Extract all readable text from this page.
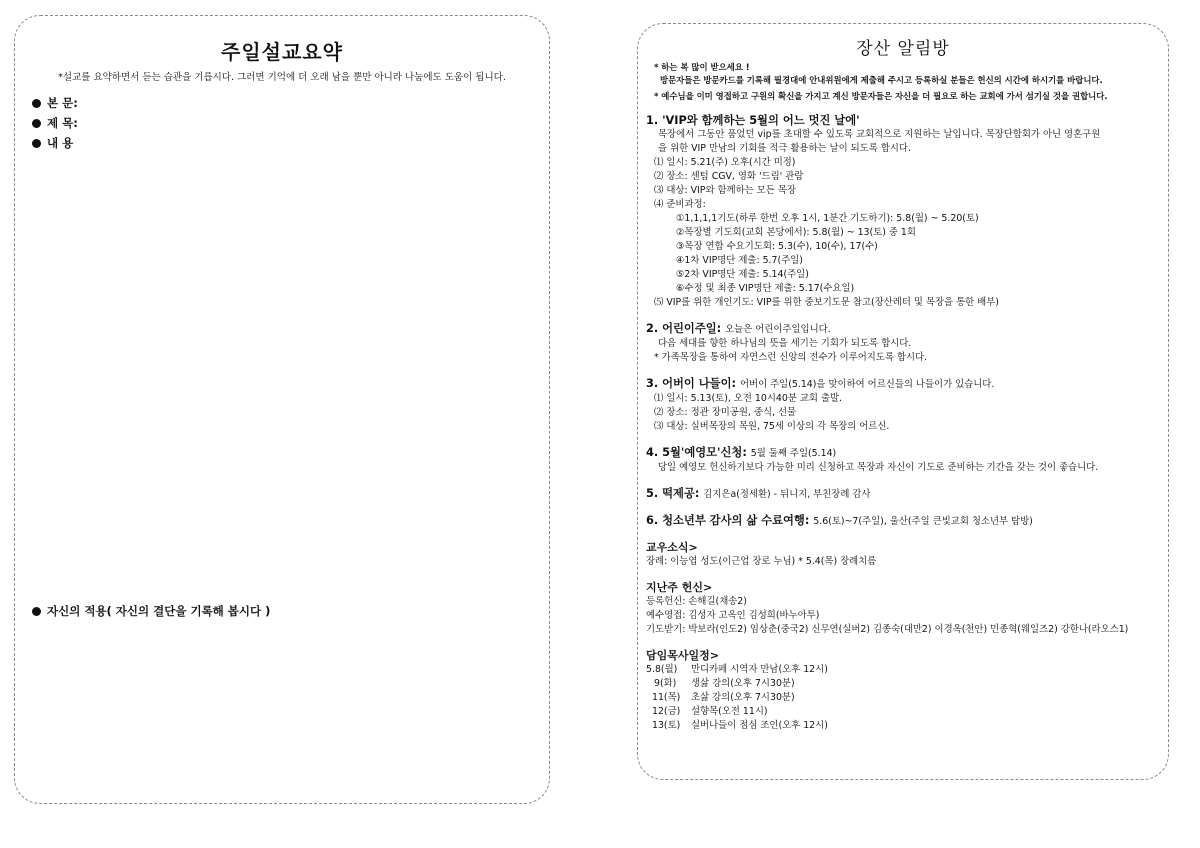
주일설교요약
*설교를 요약하면서 듣는 습관을 기릅시다. 그러면 기억에 더 오래 남을 뿐만 아니라 나눔에도 도움이 됩니다.
본 문:
제 목:
내 용
자신의 적용( 자신의 결단을 기록해 봅시다 )
장산 알림방
* 하는 복 많이 받으세요 !
방문자들은 방문카드를 기록해 필경대에 안내위원에게 제출해 주시고 등록하실 분들은 헌신의 시간에 하시기를 바랍니다.
* 예수님을 이미 영접하고 구원의 확신을 가지고 계신 방문자들은 자신을 더 필요로 하는 교회에 가서 섬기실 것을 권합니다.
1. 'VIP와 함께하는 5월의 어느 멋진 날에'
목장에서 그동안 품었던 vip를 초대할 수 있도록 교회적으로 지원하는 날입니다. 목장단합회가 아닌 영혼구원
을 위한 VIP 만남의 기회를 적극 활용하는 날이 되도록 합시다.
⑴ 일시: 5.21(주) 오후(시간 미정)
⑵ 장소: 센텀 CGV, 영화 '드림' 관람
⑶ 대상: VIP와 함께하는 모든 목장
⑷ 준비과정:
①1,1,1,1기도(하루 한번 오후 1시, 1분간 기도하기): 5.8(월) ~ 5.20(토)
②목장별 기도회(교회 본당에서): 5.8(월) ~ 13(토) 중 1회
③목장 연합 수요기도회: 5.3(수), 10(수), 17(수)
④1차 VIP명단 제출: 5.7(주일)
⑤2차 VIP명단 제출: 5.14(주일)
⑥수정 및 최종 VIP명단 제출: 5.17(수요일)
⑸ VIP를 위한 개인기도: VIP를 위한 중보기도문 참고(장산레터 및 목장을 통한 배부)
2. 어린이주일: 오늘은 어린이주일입니다.
다음 세대를 향한 하나님의 뜻을 세기는 기회가 되도록 합시다.
* 가족목장을 통하여 자연스런 신앙의 전수가 이루어지도록 합시다.
3. 어버이 나들이: 어버이 주일(5.14)을 맞이하여 어르신들의 나들이가 있습니다.
⑴ 일시: 5.13(토), 오전 10시40분 교회 출발.
⑵ 장소: 정관 장미공원, 중식, 선물
⑶ 대상: 실버목장의 목원, 75세 이상의 각 목장의 어르신.
4. 5월'예영모'신청: 5월 둘째 주일(5.14)
당일 예영모 헌신하기보다 가능한 미리 신청하고 목장과 자신이 기도로 준비하는 기간을 갖는 것이 좋습니다.
5. 떡제공: 김지은a(정세환) - 뒤니지, 부친장례 감사
6. 청소년부 감사의 삶 수료여행: 5.6(토)~7(주일), 울산(주일 큰빛교회 청소년부 탐방)
교우소식>
장례: 이능엽 성도(이근업 장로 누님) * 5.4(목) 장례치름
지난주 헌신>
등록헌신: 손해길(채송2)
예수영접: 김성자 고옥인 김성희(바누아투)
기도받기: 박보라(인도2) 임상춘(중국2) 신무연(실버2) 김종숙(대만2) 이경옥(천안) 민종혁(웨일즈2) 강한나(라오스1)
담임목사일정>
5.8(월)	만디카페 시역자 만남(오후 12시)
9(화)	생삶 강의(오후 7시30분)
11(목)	초삶 강의(오후 7시30분)
12(금)	설향목(오전 11시)
13(토)	실버나들이 점심 조인(오후 12시)
